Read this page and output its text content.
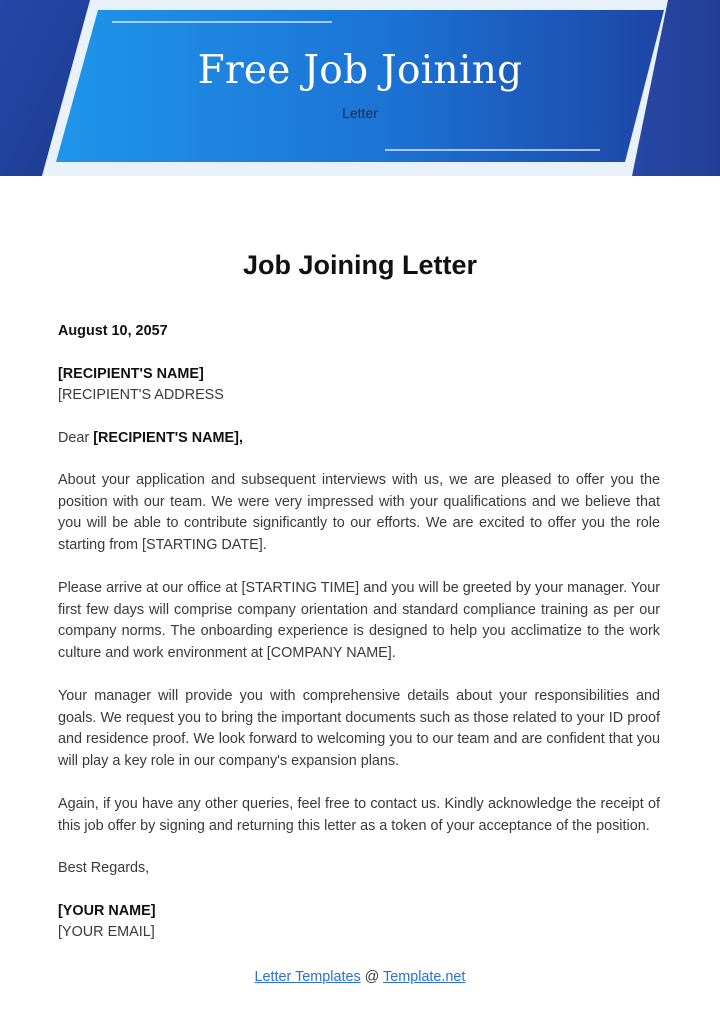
Free Job Joining
Letter
Job Joining Letter

August 10, 2057

[RECIPIENT'S NAME]

[RECIPIENT'S ADDRESS

Dear [RECIPIENT'S NAME],

About your application and subsequent interviews with us, we are pleased to offer you the position with our team. We were very impressed with your qualifications and we believe that you will be able to contribute significantly to our efforts. We are excited to offer you the role starting from [STARTING DATE].

Please arrive at our office at [STARTING TIME] and you will be greeted by your manager. Your first few days will comprise company orientation and standard compliance training as per our company norms. The onboarding experience is designed to help you acclimatize to the work culture and work environment at [COMPANY NAME].

Your manager will provide you with comprehensive details about your responsibilities and goals. We request you to bring the important documents such as those related to your ID proof and residence proof. We look forward to welcoming you to our team and are confident that you will play a key role in our company's expansion plans.

Again, if you have any other queries, feel free to contact us. Kindly acknowledge the receipt of this job offer by signing and returning this letter as a token of your acceptance of the position.

Best Regards,

[YOUR NAME]

[YOUR EMAIL]

Letter Templates @ Template.net
